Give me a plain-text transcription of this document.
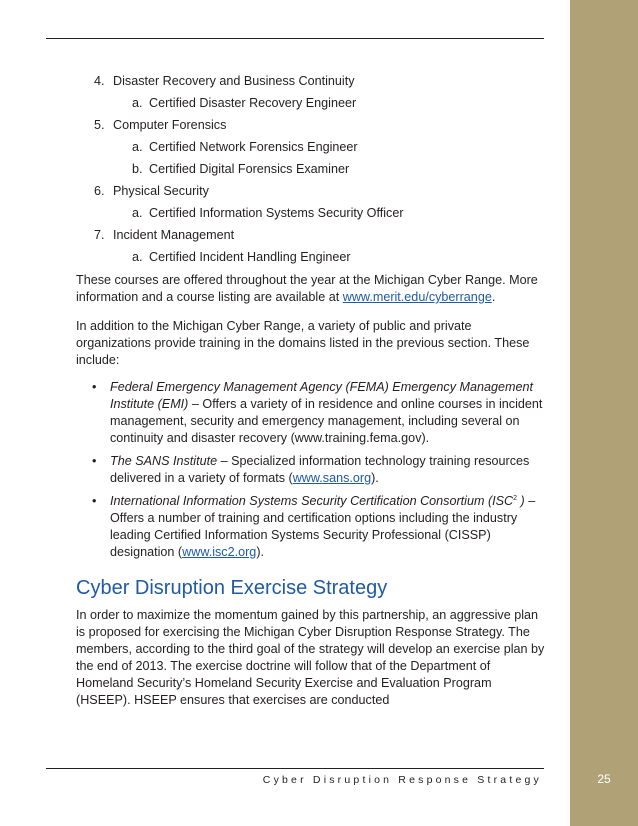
25
Cyber Disruption Response Strategy
4. Disaster Recovery and Business Continuity
a. Certified Disaster Recovery Engineer
5. Computer Forensics
a. Certified Network Forensics Engineer
b. Certified Digital Forensics Examiner
6. Physical Security
a. Certified Information Systems Security Officer
7. Incident Management
a. Certified Incident Handling Engineer

These courses are offered throughout the year at the Michigan Cyber Range. More information and a course listing are available at www.merit.edu/cyberrange.

In addition to the Michigan Cyber Range, a variety of public and private organizations provide training in the domains listed in the previous section. These include:

• Federal Emergency Management Agency (FEMA) Emergency Management Institute (EMI) – Offers a variety of in residence and online courses in incident management, security and emergency management, including several on continuity and disaster recovery (www.training.fema.gov).
• The SANS Institute – Specialized information technology training resources delivered in a variety of formats (www.sans.org).
• International Information Systems Security Certification Consortium (ISC$^2$ ) –Offers a number of training and certification options including the industry leading Certified Information Systems Security Professional (CISSP) designation (www.isc2.org).
Cyber Disruption Exercise Strategy

In order to maximize the momentum gained by this partnership, an aggressive plan is proposed for exercising the Michigan Cyber Disruption Response Strategy. The members, according to the third goal of the strategy will develop an exercise plan by the end of 2013. The exercise doctrine will follow that of the Department of Homeland Security’s Homeland Security Exercise and Evaluation Program (HSEEP). HSEEP ensures that exercises are conducted
